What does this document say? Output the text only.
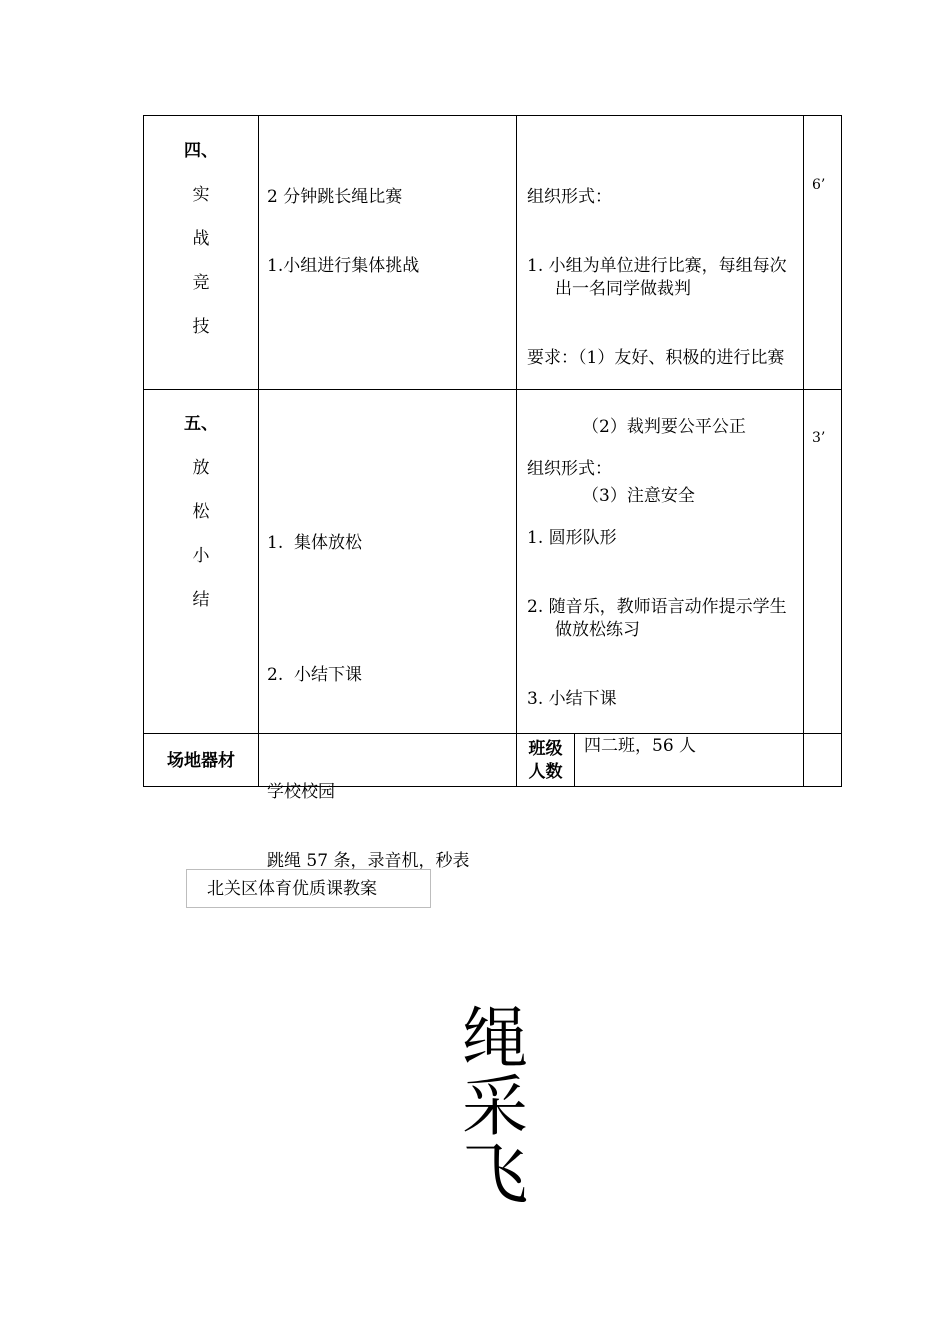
四、
实
战
竞
技

2 分钟跳长绳比赛

1.小组进行集体挑战

组织形式：

1. 小组为单位进行比赛，每组每次出一名同学做裁判

要求：（1）友好、积极的进行比赛

（2）裁判要公平公正

（3）注意安全

6’
五、
放
松
小
结

1.  集体放松

2.  小结下课

组织形式：

1. 圆形队形

2. 随音乐，教师语言动作提示学生做放松练习

3. 小结下课

3’
场地器材

学校校园

跳绳 57 条，录音机，秒表

班级
人数
四二班，56 人
北关区体育优质课教案
绳
采
飞
